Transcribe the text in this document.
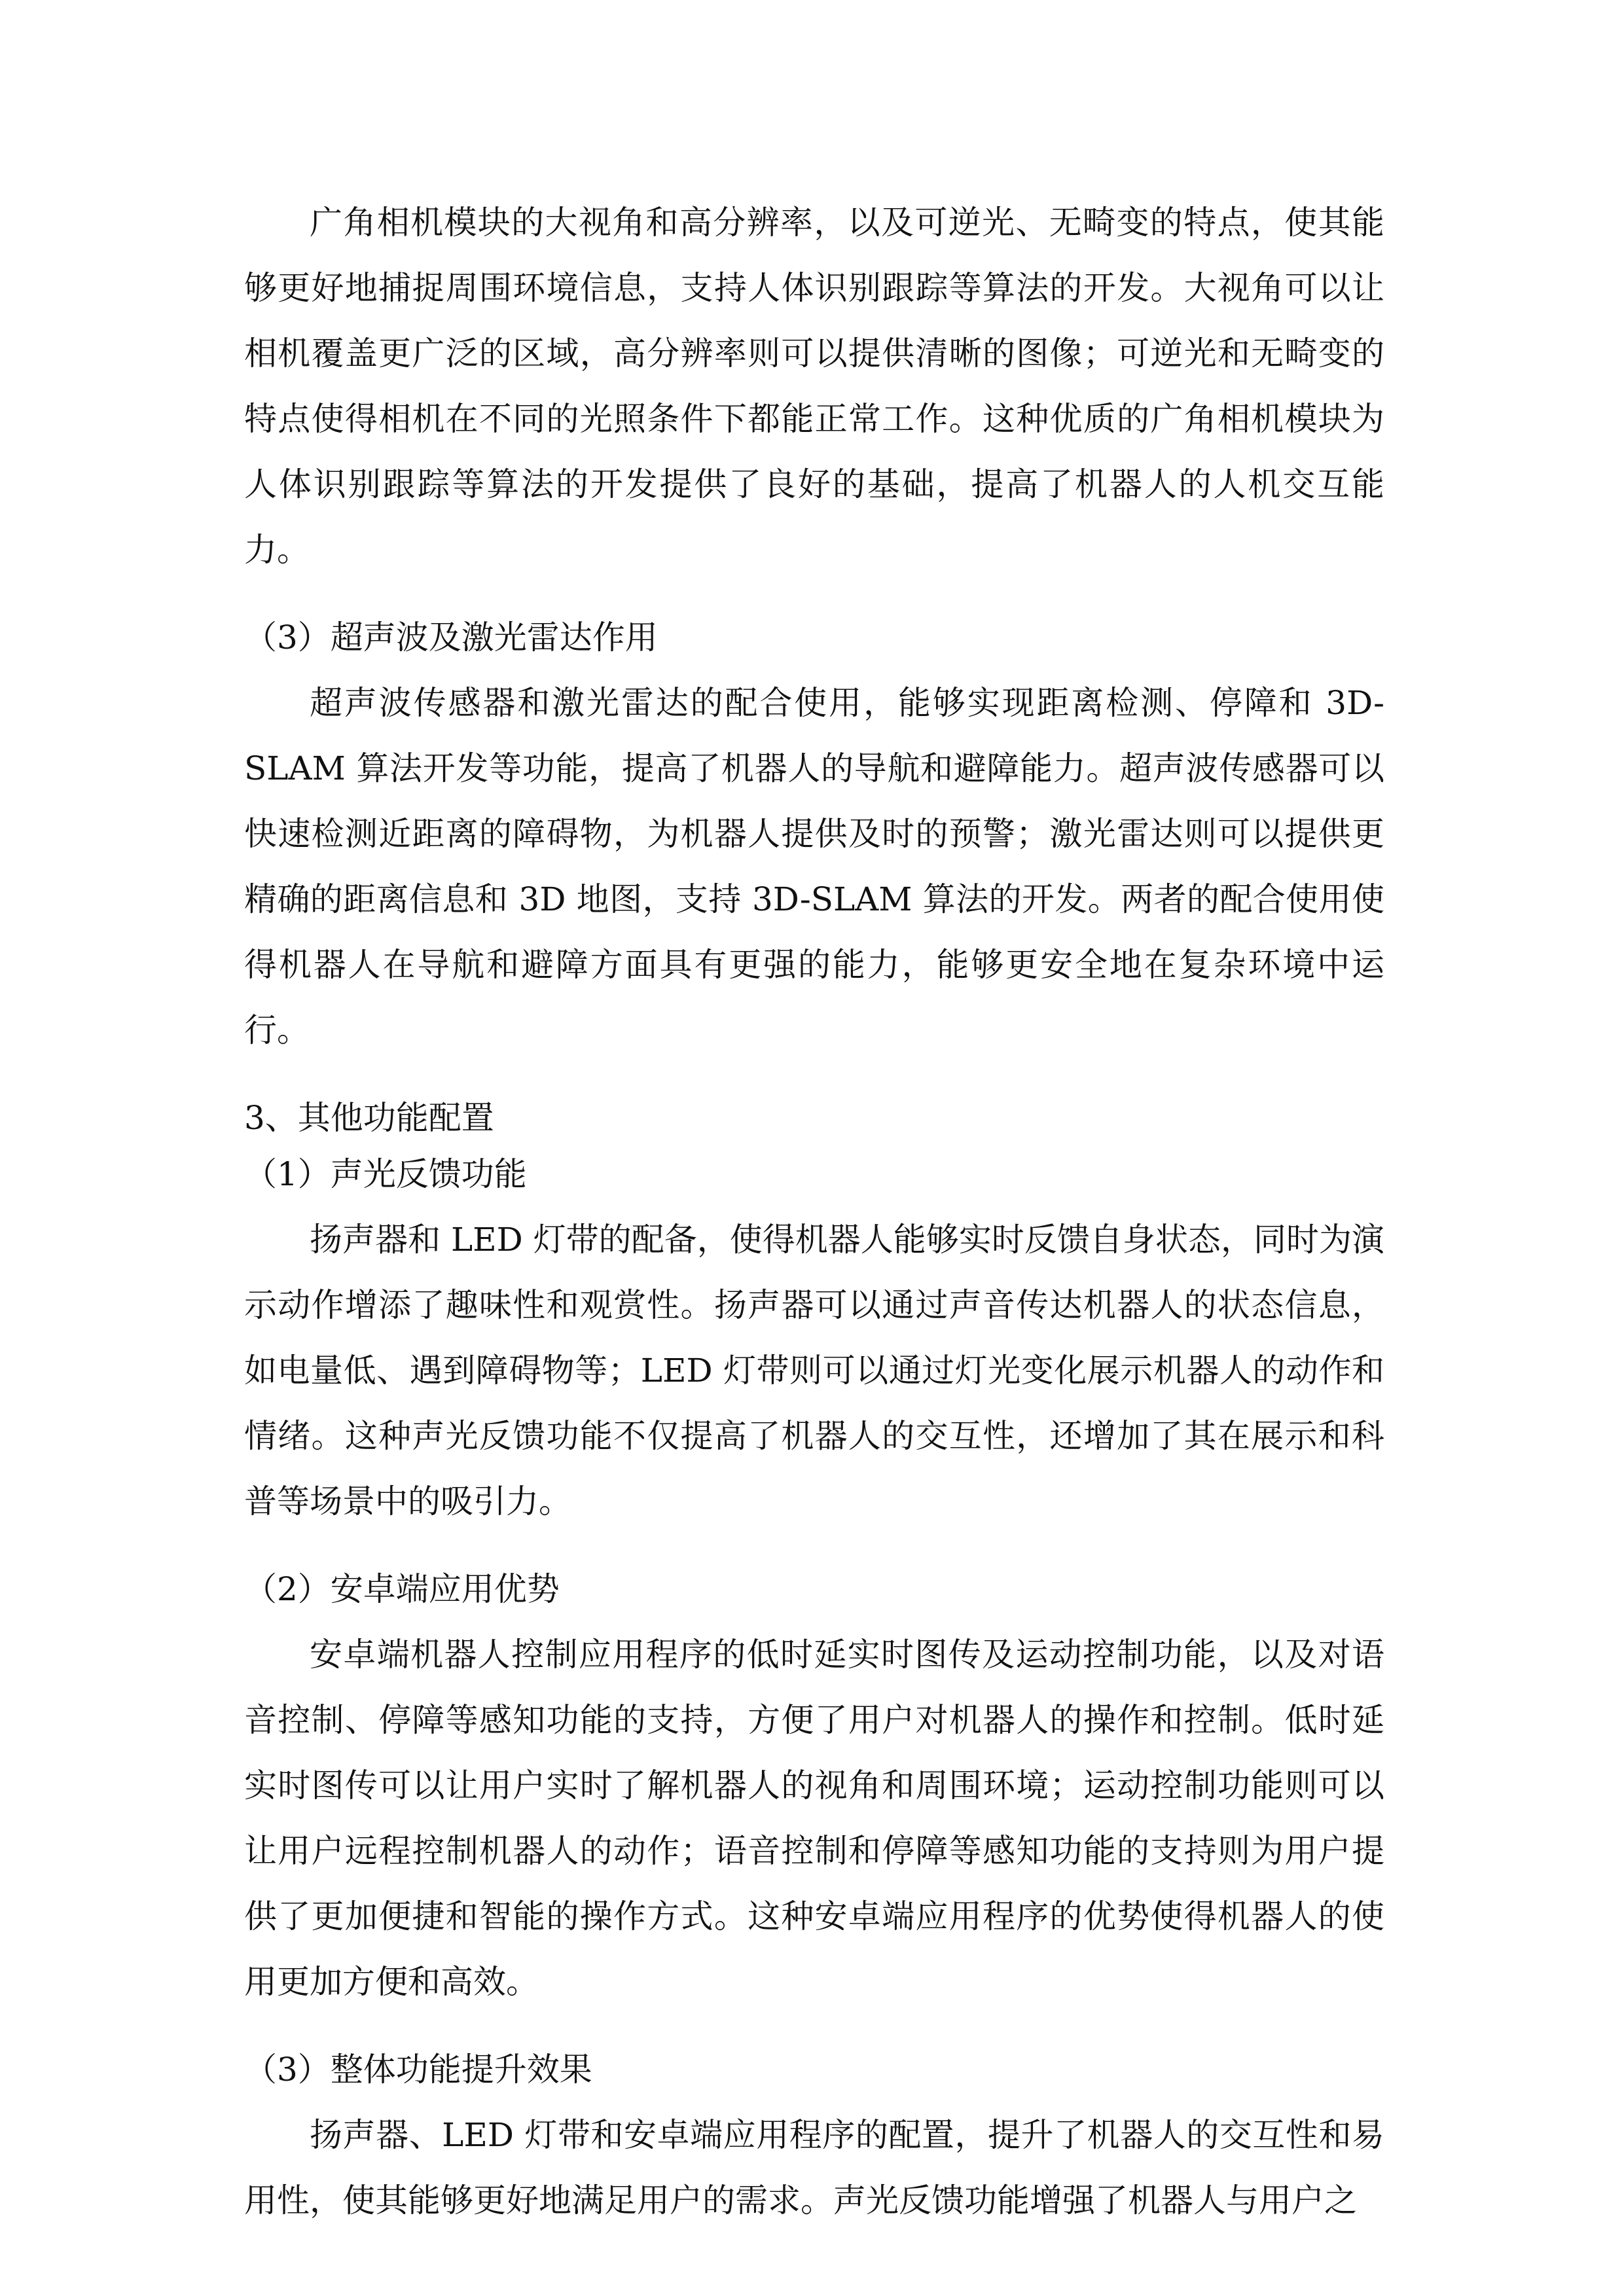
广角相机模块的大视角和高分辨率，以及可逆光、无畸变的特点，使其能够更好地捕捉周围环境信息，支持人体识别跟踪等算法的开发。大视角可以让相机覆盖更广泛的区域，高分辨率则可以提供清晰的图像；可逆光和无畸变的特点使得相机在不同的光照条件下都能正常工作。这种优质的广角相机模块为人体识别跟踪等算法的开发提供了良好的基础，提高了机器人的人机交互能力。

（3）超声波及激光雷达作用

超声波传感器和激光雷达的配合使用，能够实现距离检测、停障和 3D-SLAM 算法开发等功能，提高了机器人的导航和避障能力。超声波传感器可以快速检测近距离的障碍物，为机器人提供及时的预警；激光雷达则可以提供更精确的距离信息和 3D 地图，支持 3D-SLAM 算法的开发。两者的配合使用使得机器人在导航和避障方面具有更强的能力，能够更安全地在复杂环境中运行。

3、其他功能配置

（1）声光反馈功能

扬声器和 LED 灯带的配备，使得机器人能够实时反馈自身状态，同时为演示动作增添了趣味性和观赏性。扬声器可以通过声音传达机器人的状态信息，如电量低、遇到障碍物等；LED 灯带则可以通过灯光变化展示机器人的动作和情绪。这种声光反馈功能不仅提高了机器人的交互性，还增加了其在展示和科普等场景中的吸引力。

（2）安卓端应用优势

安卓端机器人控制应用程序的低时延实时图传及运动控制功能，以及对语音控制、停障等感知功能的支持，方便了用户对机器人的操作和控制。低时延实时图传可以让用户实时了解机器人的视角和周围环境；运动控制功能则可以让用户远程控制机器人的动作；语音控制和停障等感知功能的支持则为用户提供了更加便捷和智能的操作方式。这种安卓端应用程序的优势使得机器人的使用更加方便和高效。

（3）整体功能提升效果

扬声器、LED 灯带和安卓端应用程序的配置，提升了机器人的交互性和易用性，使其能够更好地满足用户的需求。声光反馈功能增强了机器人与用户之
